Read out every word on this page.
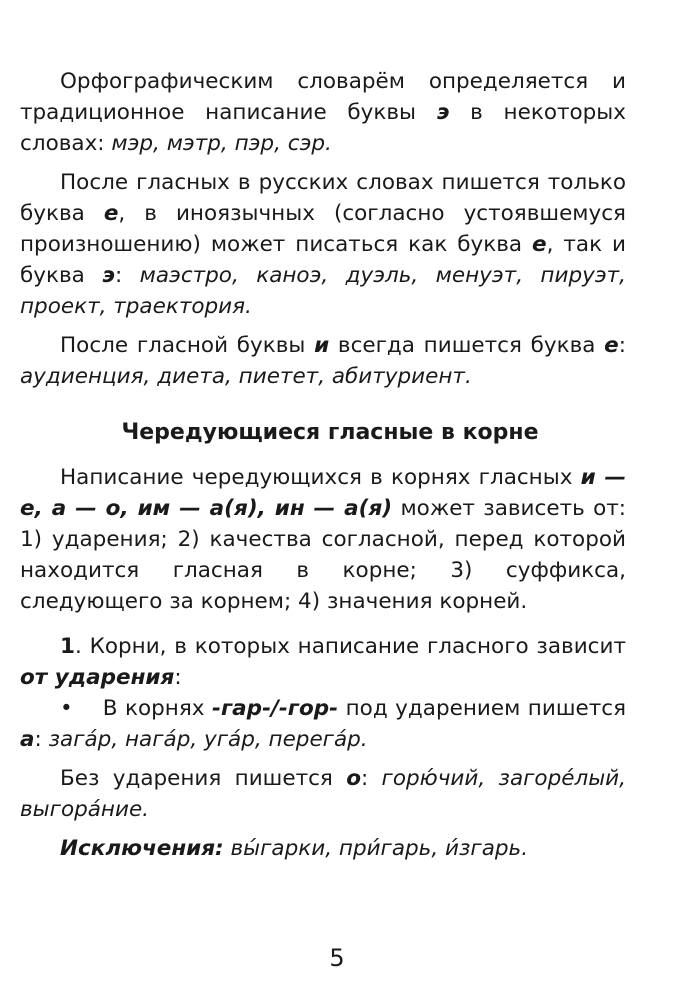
Орфографическим словарём определяется и традиционное написание буквы э в некоторых словах: мэр, мэтр, пэр, сэр.

После гласных в русских словах пишется только буква е, в иноязычных (согласно устоявшемуся произношению) может писаться как буква е, так и буква э: маэстро, каноэ, дуэль, менуэт, пируэт, проект, траектория.

После гласной буквы и всегда пишется буква е: аудиенция, диета, пиетет, абитуриент.

Чередующиеся гласные в корне

Написание чередующихся в корнях гласных и — е, а — о, им — а(я), ин — а(я) может зависеть от: 1) ударения; 2) качества согласной, перед которой находится гласная в корне; 3) суффикса, следующего за корнем; 4) значения корней.

1. Корни, в которых написание гласного зависит от ударения:

• В корнях -гар-/-гор- под ударением пишется а: зага́р, нага́р, уга́р, перега́р.

Без ударения пишется о: горю́чий, загоре́лый, выгора́ние.

Исключения: вы́гарки, при́гарь, и́згарь.

5
